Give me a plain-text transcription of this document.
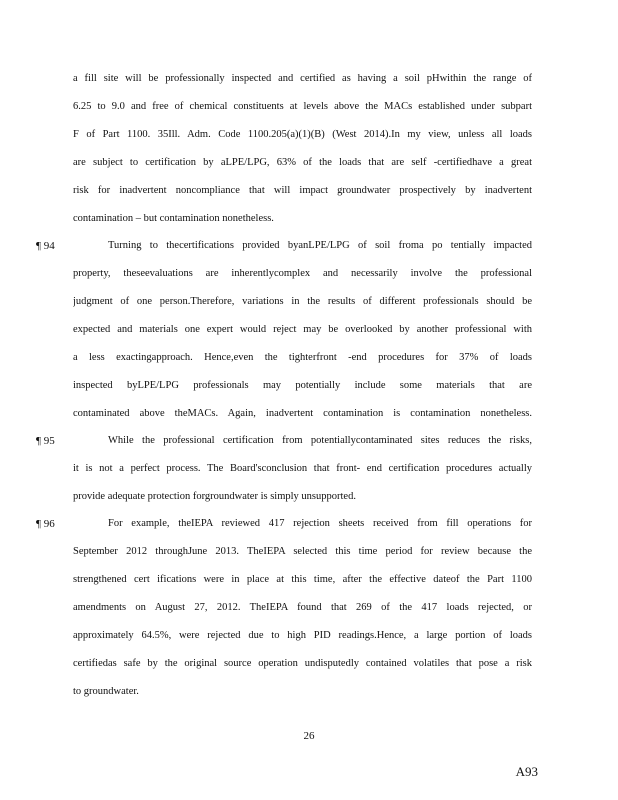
a fill site will be professionally inspected and certified as having a soil pHwithin the range of
6.25 to 9.0 and free of chemical constituents at levels above the MACs established under subpart
F of Part 1100. 35Ill. Adm. Code 1100.205(a)(1)(B) (West 2014).In my view, unless all loads
are subject to certification by aLPE/LPG, 63% of the loads that are self -certifiedhave a great
risk for inadvertent noncompliance that will impact groundwater prospectively by inadvertent
contamination – but contamination nonetheless.
¶ 94	Turning to thecertifications provided byanLPE/LPG of soil froma po tentially impacted
property, theseevaluations are inherentlycomplex and necessarily involve the professional
judgment of one person.Therefore, variations in the results of different professionals should be
expected and materials one expert would reject may be overlooked by another professional with
a less exactingapproach. Hence,even the tighterfront -end procedures for 37% of loads
inspected byLPE/LPG professionals may potentially include some materials that are
contaminated above theMACs. Again, inadvertent contamination is contamination nonetheless.
¶ 95	While the professional certification from potentiallycontaminated sites reduces the risks,
it is not a perfect process. The Board'sconclusion that front- end certification procedures actually
provide adequate protection forgroundwater is simply unsupported.
¶ 96	For example, theIEPA reviewed 417 rejection sheets received from fill operations for
September 2012 throughJune 2013. TheIEPA selected this time period for review because the
strengthened cert ifications were in place at this time, after the effective dateof the Part 1100
amendments on August 27, 2012. TheIEPA found that 269 of the 417 loads rejected, or
approximately 64.5%, were rejected due to high PID readings.Hence, a large portion of loads
certifiedas safe by the original source operation undisputedly contained volatiles that pose a risk
to groundwater.
26
A93
